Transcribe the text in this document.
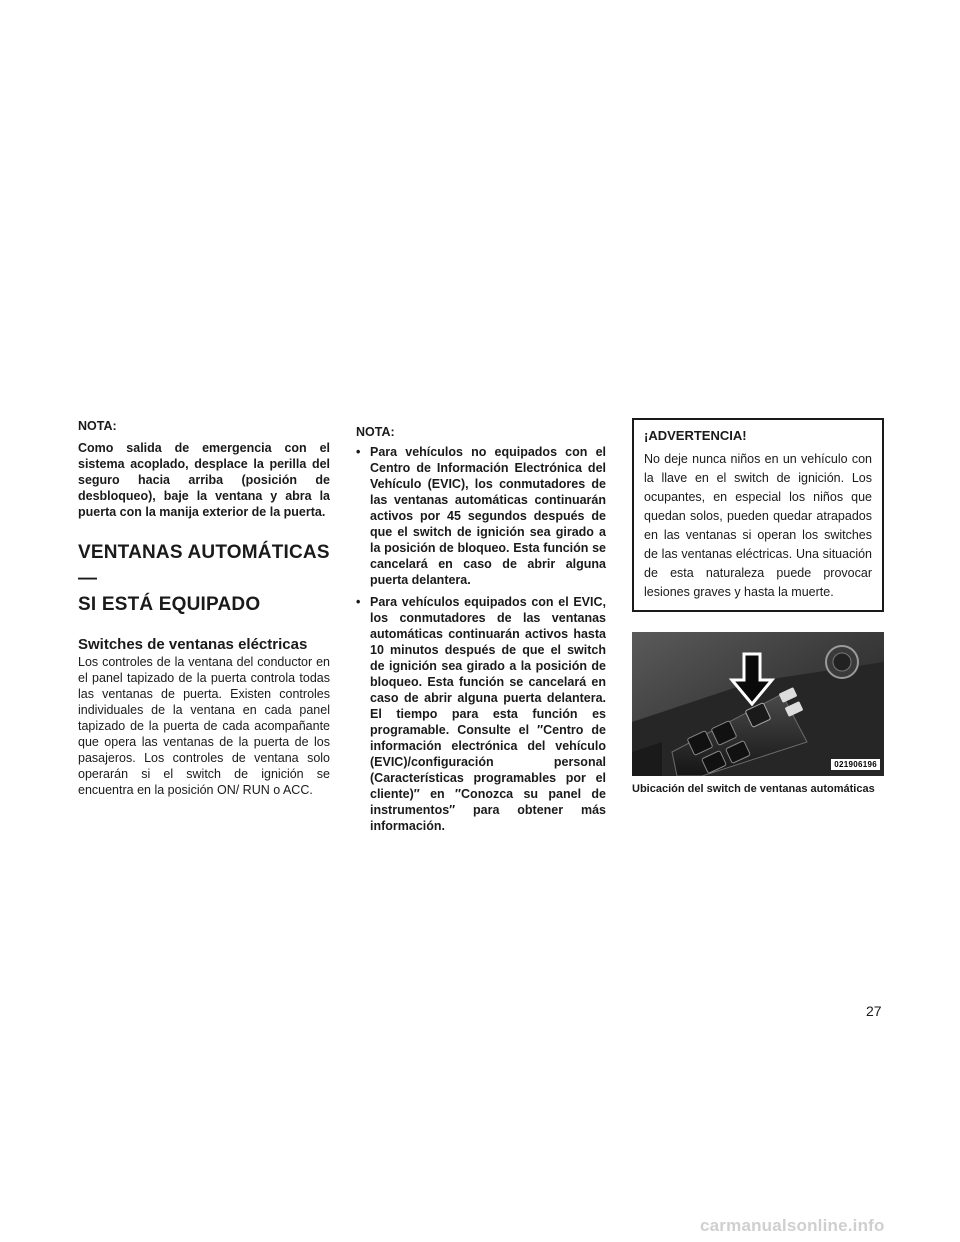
NOTA:

Como salida de emergencia con el sistema acoplado, desplace la perilla del seguro hacia arriba (posición de desbloqueo), baje la ventana y abra la puerta con la manija exterior de la puerta.

VENTANAS AUTOMÁTICAS —
SI ESTÁ EQUIPADO
Switches de ventanas eléctricas

Los controles de la ventana del conductor en el panel tapizado de la puerta controla todas las ventanas de puerta. Existen controles individuales de la ventana en cada panel tapizado de la puerta de cada acompañante que opera las ventanas de la puerta de los pasajeros. Los controles de ventana solo operarán si el switch de ignición se encuentra en la posición ON/ RUN o ACC.

NOTA:

• Para vehículos no equipados con el Centro de Información Electrónica del Vehículo (EVIC), los conmutadores de las ventanas automáticas continuarán activos por 45 segundos después de que el switch de ignición sea girado a la posición de bloqueo. Esta función se cancelará en caso de abrir alguna puerta delantera.
• Para vehículos equipados con el EVIC, los conmutadores de las ventanas automáticas continuarán activos hasta 10 minutos después de que el switch de ignición sea girado a la posición de bloqueo. Esta función se cancelará en caso de abrir alguna puerta delantera. El tiempo para esta función es programable. Consulte el ″Centro de información electrónica del vehículo (EVIC)/configuración personal (Características programables por el cliente)″ en ″Conozca su panel de instrumentos″ para obtener más información.

¡ADVERTENCIA!

No deje nunca niños en un vehículo con la llave en el switch de ignición. Los ocupantes, en especial los niños que quedan solos, pueden quedar atrapados en las ventanas si operan los switches de las ventanas eléctricas. Una situación de esta naturaleza puede provocar lesiones graves y hasta la muerte.

021906196

Ubicación del switch de ventanas automáticas

27
carmanualsonline.info
